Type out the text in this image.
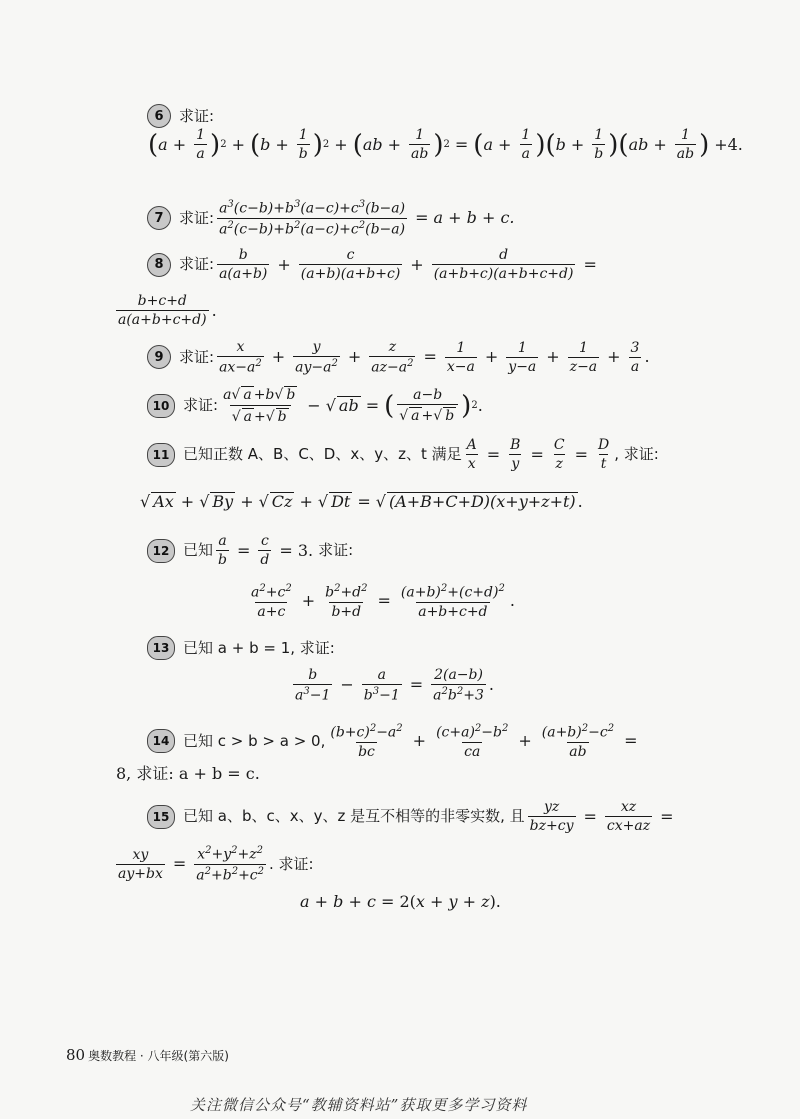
6	求证:
( $a + \frac{1}{a}$ ) 2 + ( $b + \frac{1}{b}$ ) 2 + ( ab + $\frac{1}{ab}$ ) 2 = ( $a + \frac{1}{a}$ ) ( $b + \frac{1}{b}$ ) ( ab + $\frac{1}{ab}$ ) +4.
7	求证: $\frac{a^3(c-b)+b^3(a-c)+c^3(b-a)}{a^2(c-b)+b^2(a-c)+c^2(b-a)} = a + b + c$.
8	求证: $\frac{b}{a(a+b)} + \frac{c}{(a+b)(a+b+c)} + \frac{d}{(a+b+c)(a+b+c+d)}$ =
$\frac{b+c+d}{a(a+b+c+d)}$ .
9	求证: $\frac{x}{ax-a^2} + \frac{y}{ay-a^2} + \frac{z}{az-a^2} = \frac{1}{x-a} + \frac{1}{y-a} + \frac{1}{z-a} + \frac{3}{a}$ .
10 求证: $\frac{a√ a +b√ b}{√ a +√ b}$ − √ ab = ( $\frac{a-b}{√ a +√ b}$ ) 2 .
11 已知正数 A、B、C、D、x、y、z、t 满足 $\frac{A}{x} = \frac{B}{y} = \frac{C}{z} = \frac{D}{t}$ , 求证:
√ Ax + √ By + √ Cz + √ Dt = √ (A+B+C+D)(x+y+z+t) .
12 已知 $\frac{a}{b} = \frac{c}{d} = 3$. 求证:
$\frac{a^2+c^2}{a+c} + \frac{b^2+d^2}{b+d} = \frac{(a+b)^2+(c+d)^2}{a+b+c+d}$ .
13 已知 a + b = 1, 求证:
$\frac{b}{a^3-1} - \frac{a}{b^3-1} = \frac{2(a-b)}{a^2b^2+3}$ .
14 已知 c > b > a > 0, $\frac{(b+c)^2-a^2}{bc} + \frac{(c+a)^2-b^2}{ca} + \frac{(a+b)^2-c^2}{ab}$ =
8, 求证: a + b = c.
15 已知 a、b、c、x、y、z 是互不相等的非零实数, 且 $\frac{yz}{bz+cy} = \frac{xz}{cx+az}$ =
$\frac{xy}{ay+bx} = \frac{x^2+y^2+z^2}{a^2+b^2+c^2}$ . 求证:
a + b + c = 2(x + y + z).
80 奥数教程 · 八年级(第六版)
关注微信公众号“教辅资料站”获取更多学习资料
